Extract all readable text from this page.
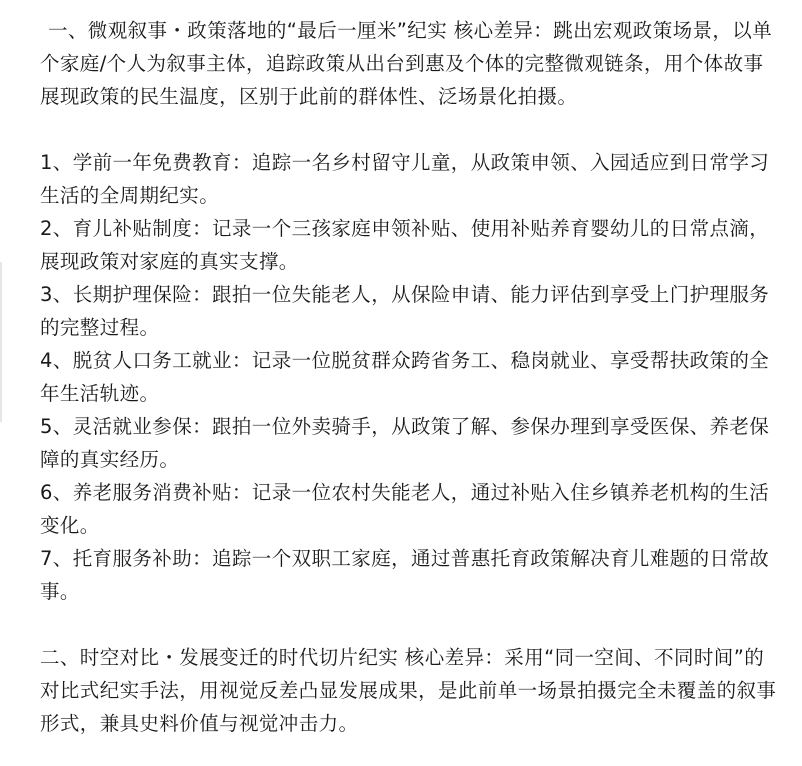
一、微观叙事・政策落地的“最后一厘米”纪实 核心差异：跳出宏观政策场景，以单个家庭/个人为叙事主体，追踪政策从出台到惠及个体的完整微观链条，用个体故事展现政策的民生温度，区别于此前的群体性、泛场景化拍摄。

1、学前一年免费教育：追踪一名乡村留守儿童，从政策申领、入园适应到日常学习生活的全周期纪实。

2、育儿补贴制度：记录一个三孩家庭申领补贴、使用补贴养育婴幼儿的日常点滴，展现政策对家庭的真实支撑。

3、长期护理保险：跟拍一位失能老人，从保险申请、能力评估到享受上门护理服务的完整过程。

4、脱贫人口务工就业：记录一位脱贫群众跨省务工、稳岗就业、享受帮扶政策的全年生活轨迹。

5、灵活就业参保：跟拍一位外卖骑手，从政策了解、参保办理到享受医保、养老保障的真实经历。

6、养老服务消费补贴：记录一位农村失能老人，通过补贴入住乡镇养老机构的生活变化。

7、托育服务补助：追踪一个双职工家庭，通过普惠托育政策解决育儿难题的日常故事。

二、时空对比・发展变迁的时代切片纪实 核心差异：采用“同一空间、不同时间”的对比式纪实手法，用视觉反差凸显发展成果，是此前单一场景拍摄完全未覆盖的叙事形式，兼具史料价值与视觉冲击力。
